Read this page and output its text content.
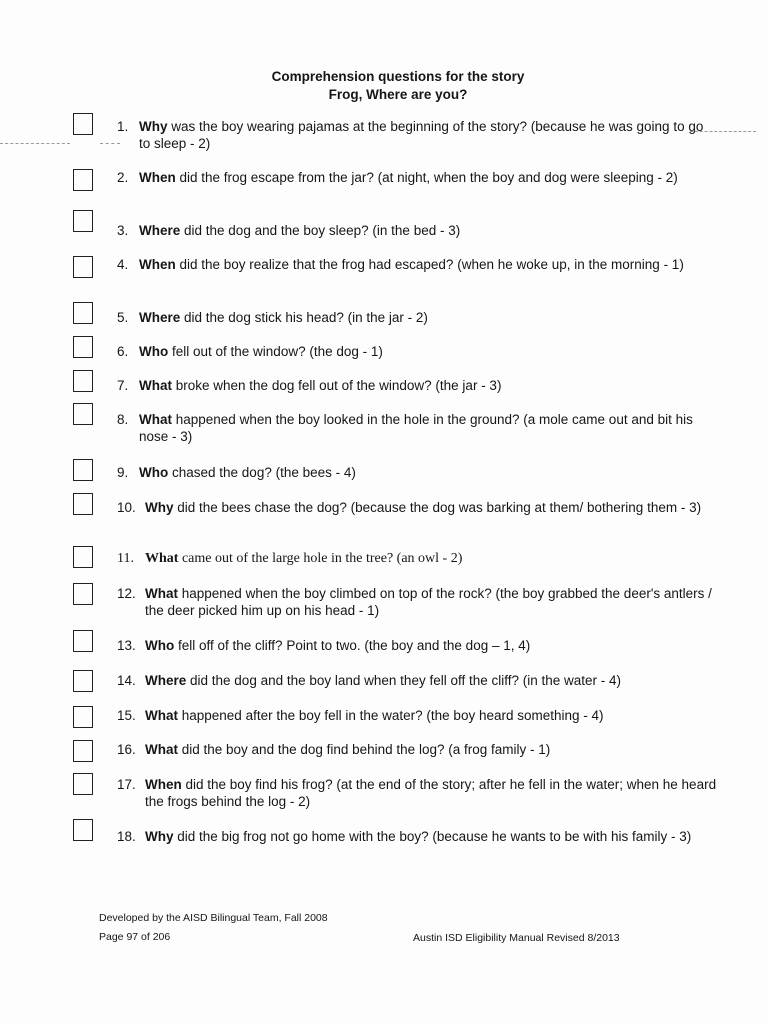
Comprehension questions for the story
Frog, Where are you?
1. Why was the boy wearing pajamas at the beginning of the story? (because he was going to go to sleep - 2)
2. When did the frog escape from the jar? (at night, when the boy and dog were sleeping - 2)
3. Where did the dog and the boy sleep? (in the bed - 3)
4. When did the boy realize that the frog had escaped? (when he woke up, in the morning - 1)
5. Where did the dog stick his head? (in the jar - 2)
6. Who fell out of the window? (the dog - 1)
7. What broke when the dog fell out of the window? (the jar - 3)
8. What happened when the boy looked in the hole in the ground? (a mole came out and bit his nose - 3)
9. Who chased the dog? (the bees - 4)
10. Why did the bees chase the dog? (because the dog was barking at them/ bothering them - 3)
11. What came out of the large hole in the tree? (an owl - 2)
12. What happened when the boy climbed on top of the rock? (the boy grabbed the deer's antlers / the deer picked him up on his head - 1)
13. Who fell off of the cliff? Point to two. (the boy and the dog – 1, 4)
14. Where did the dog and the boy land when they fell off the cliff? (in the water - 4)
15. What happened after the boy fell in the water? (the boy heard something - 4)
16. What did the boy and the dog find behind the log? (a frog family - 1)
17. When did the boy find his frog? (at the end of the story; after he fell in the water; when he heard the frogs behind the log - 2)
18. Why did the big frog not go home with the boy? (because he wants to be with his family - 3)
Developed by the AISD Bilingual Team, Fall 2008
Page 97 of 206	Austin ISD Eligibility Manual Revised 8/2013
